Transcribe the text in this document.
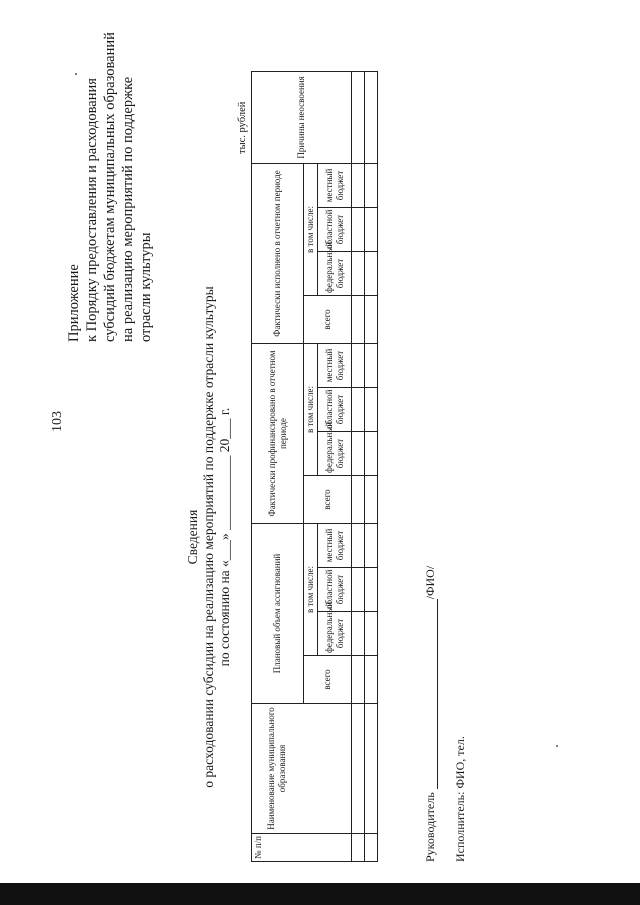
103
Приложение к Порядку предоставления и расходования субсидий бюджетам муниципальных образований на реализацию мероприятий по поддержке отрасли культуры
Сведения о расходовании субсидии на реализацию мероприятий по поддержке отрасли культуры по состоянию на «___» ___________ 20___ г.
тыс. рублей
№ п/п	Наименование муниципального образования	Плановый объем ассигнований				Фактически профинансировано в отчетном периоде				Фактически исполнено в отчетном периоде				Причины неосвоения
		всего	в том числе:			всего	в том числе:			всего	в том числе:			
			федеральный бюджет	областной бюджет	местный бюджет		федеральный бюджет	областной бюджет	местный бюджет		федеральный бюджет	областной бюджет	местный бюджет	

Руководитель /ФИО/
Исполнитель: ФИО, тел.
